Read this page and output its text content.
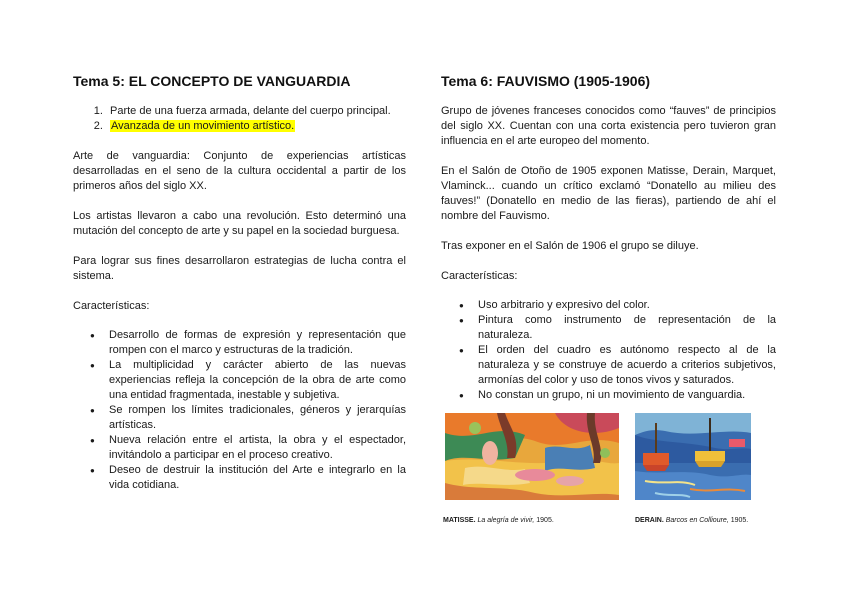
Tema 5: EL CONCEPTO DE VANGUARDIA
1. Parte de una fuerza armada, delante del cuerpo principal.
2. Avanzada de un movimiento artístico.

Arte de vanguardia: Conjunto de experiencias artísticas desarrolladas en el seno de la cultura occidental a partir de los primeros años del siglo XX.

Los artistas llevaron a cabo una revolución. Esto determinó una mutación del concepto de arte y su papel en la sociedad burguesa.

Para lograr sus fines desarrollaron estrategias de lucha contra el sistema.

Características:
● Desarrollo de formas de expresión y representación que rompen con el marco y estructuras de la tradición.
● La multiplicidad y carácter abierto de las nuevas experiencias refleja la concepción de la obra de arte como una entidad fragmentada, inestable y subjetiva.
● Se rompen los límites tradicionales, géneros y jerarquías artísticas.
● Nueva relación entre el artista, la obra y el espectador, invitándolo a participar en el proceso creativo.
● Deseo de destruir la institución del Arte e integrarlo en la vida cotidiana.
Tema 6: FAUVISMO (1905-1906)

Grupo de jóvenes franceses conocidos como “fauves” de principios del siglo XX. Cuentan con una corta existencia pero tuvieron gran influencia en el arte europeo del momento.

En el Salón de Otoño de 1905 exponen Matisse, Derain, Marquet, Vlaminck... cuando un crítico exclamó “Donatello au milieu des fauves!” (Donatello en medio de las fieras), partiendo de ahí el nombre del Fauvismo.

Tras exponer en el Salón de 1906 el grupo se diluye.

Características:
● Uso arbitrario y expresivo del color.
● Pintura como instrumento de representación de la naturaleza.
● El orden del cuadro es autónomo respecto al de la naturaleza y se construye de acuerdo a criterios subjetivos, armonías del color y uso de tonos vivos y saturados.
● No constan un grupo, ni un movimiento de vanguardia.
MATISSE. La alegría de vivir, 1905.	DERAIN. Barcos en Collioure, 1905.
